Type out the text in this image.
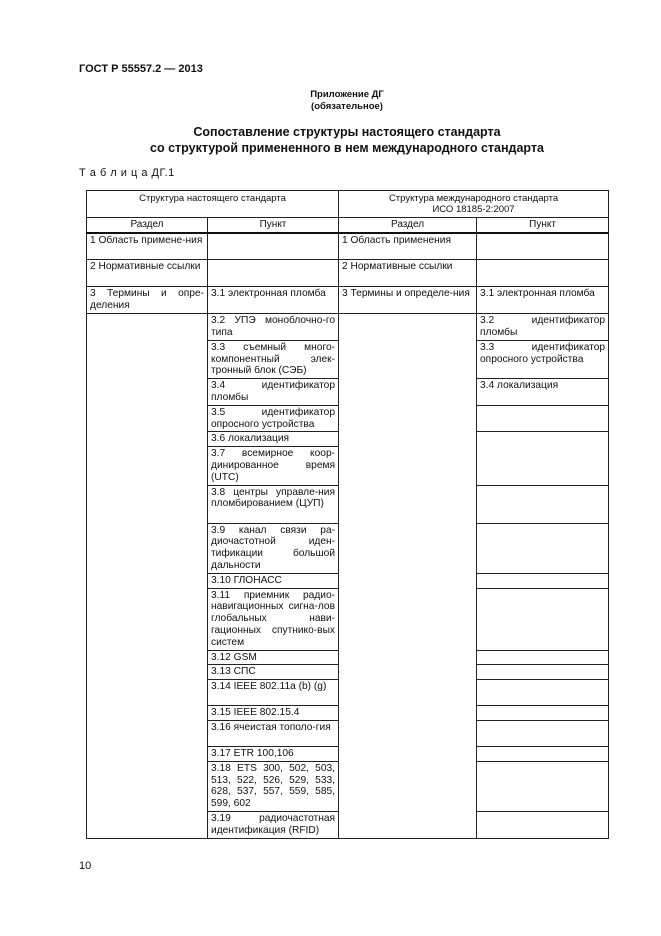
ГОСТ Р 55557.2 — 2013
Приложение ДГ
(обязательное)
Сопоставление структуры настоящего стандарта
со структурой примененного в нем международного стандарта
Т а б л и ц а ДГ.1
Структура настоящего стандарта		Структура международного стандарта
ИСО 18185-2:2007	

Раздел	Пункт	Раздел	Пункт
1 Область примене-ния		1 Область применения	
2 Нормативные ссылки		2 Нормативные ссылки	
3 Термины и опре-деления	3.1 электронная пломба	3 Термины и определе-ния	3.1 электронная пломба
	3.2 УПЭ моноблочно-го типа		3.2 идентификатор пломбы
	3.3 съемный много-компонентный элек-тронный блок (СЭБ)		3.3 идентификатор опросного устройства
	3.4 идентификатор пломбы		3.4 локализация
	3.5 идентификатор опросного устройства		
	3.6 локализация		
	3.7 всемирное коор-динированное время (UTC)		
	3.8 центры управле-ния пломбированием (ЦУП)		
	3.9 канал связи ра-диочастотной иден-тификации большой дальности		
	3.10 ГЛОНАСС		
	3.11 приемник радио-навигационных сигна-лов глобальных нави-гационных спутнико-вых систем		
	3.12 GSM		
	3.13 СПС		
	3.14 IEEE 802.11a (b) (g)		
	3.15 IEEE 802.15.4		
	3.16 ячеистая тополо-гия		
	3.17 ETR 100,106		
	3.18 ETS 300, 502, 503, 513, 522, 526, 529, 533, 628, 537, 557, 559, 585, 599, 602		
	3.19 радиочастотная идентификация (RFID)		
10
